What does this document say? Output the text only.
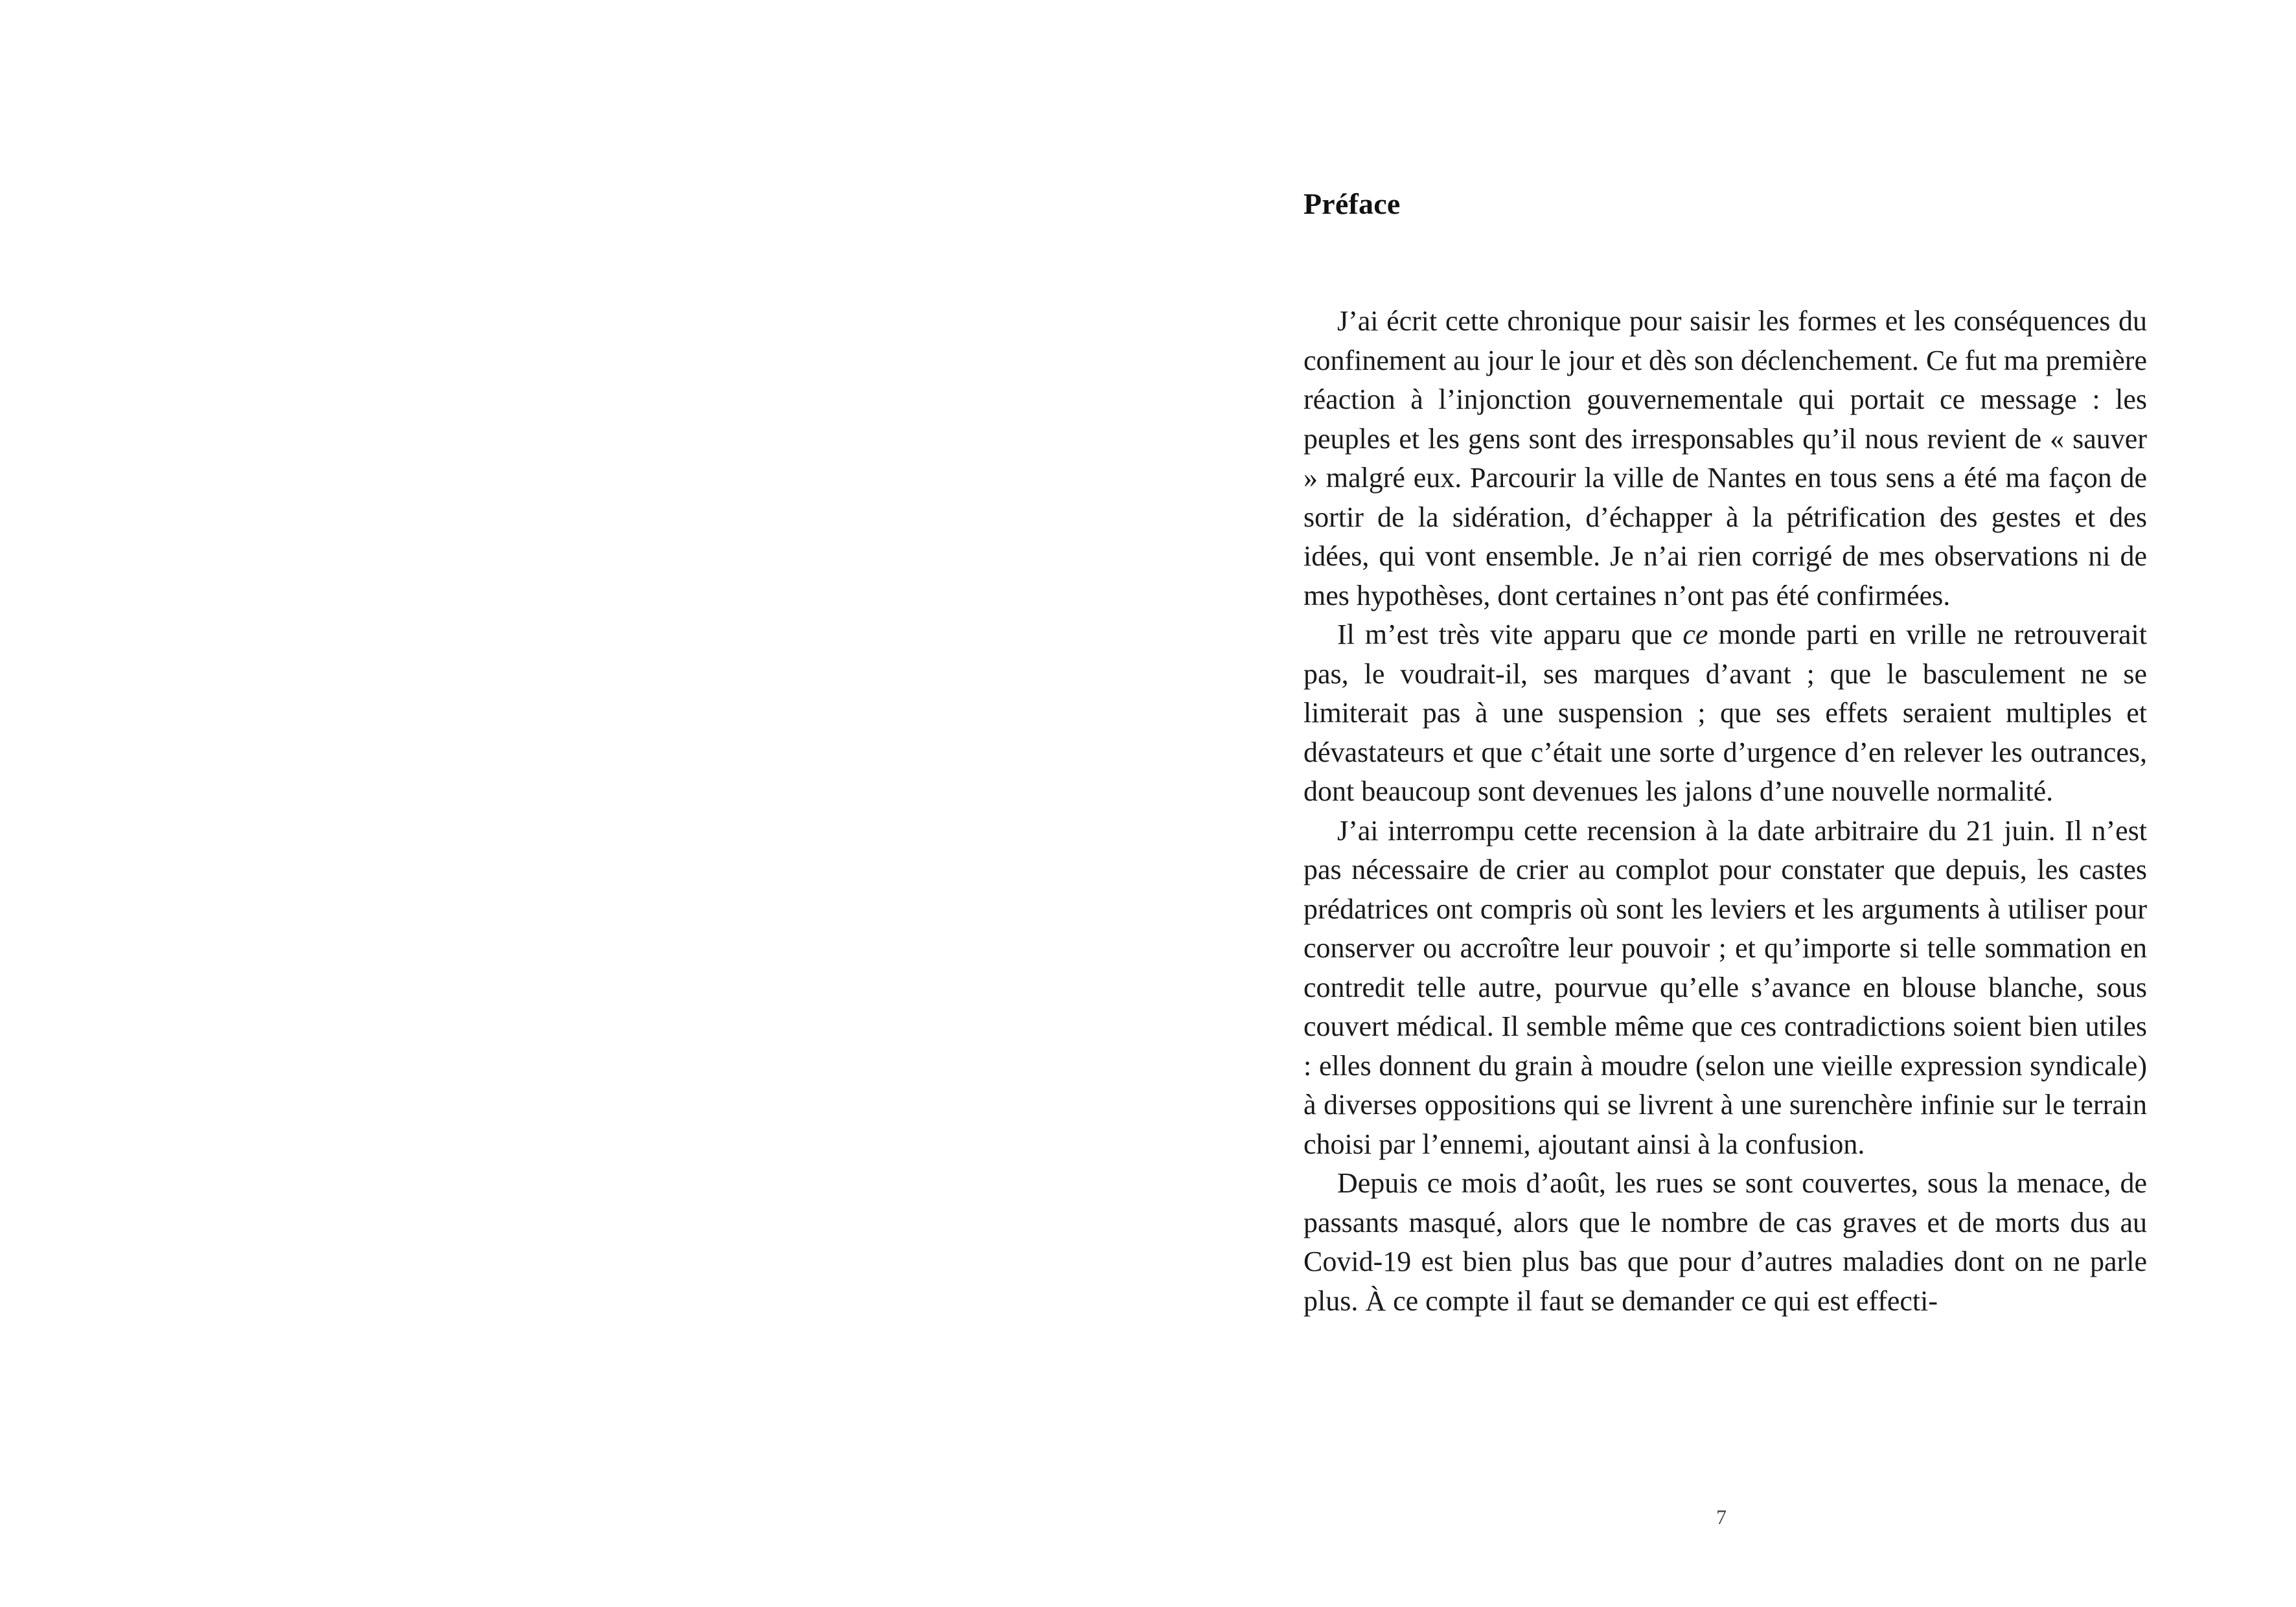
Préface

J’ai écrit cette chronique pour saisir les formes et les conséquences du confinement au jour le jour et dès son déclenchement. Ce fut ma première réaction à l’injonction gouvernementale qui portait ce message : les peuples et les gens sont des irresponsables qu’il nous revient de « sauver » malgré eux. Parcourir la ville de Nantes en tous sens a été ma façon de sortir de la sidération, d’échapper à la pétrification des gestes et des idées, qui vont ensemble. Je n’ai rien corrigé de mes observations ni de mes hypothèses, dont certaines n’ont pas été confirmées.

Il m’est très vite apparu que ce monde parti en vrille ne retrouverait pas, le voudrait-il, ses marques d’avant ; que le basculement ne se limiterait pas à une suspension ; que ses effets seraient multiples et dévastateurs et que c’était une sorte d’urgence d’en relever les outrances, dont beaucoup sont devenues les jalons d’une nouvelle normalité.

J’ai interrompu cette recension à la date arbitraire du 21 juin. Il n’est pas nécessaire de crier au complot pour constater que depuis, les castes prédatrices ont compris où sont les leviers et les arguments à utiliser pour conserver ou accroître leur pouvoir ; et qu’importe si telle sommation en contredit telle autre, pourvue qu’elle s’avance en blouse blanche, sous couvert médical. Il semble même que ces contradictions soient bien utiles : elles donnent du grain à moudre (selon une vieille expression syndicale) à diverses oppositions qui se livrent à une surenchère infinie sur le terrain choisi par l’ennemi, ajoutant ainsi à la confusion.

Depuis ce mois d’août, les rues se sont couvertes, sous la menace, de passants masqué, alors que le nombre de cas graves et de morts dus au Covid-19 est bien plus bas que pour d’autres maladies dont on ne parle plus. À ce compte il faut se demander ce qui est effecti-

7
